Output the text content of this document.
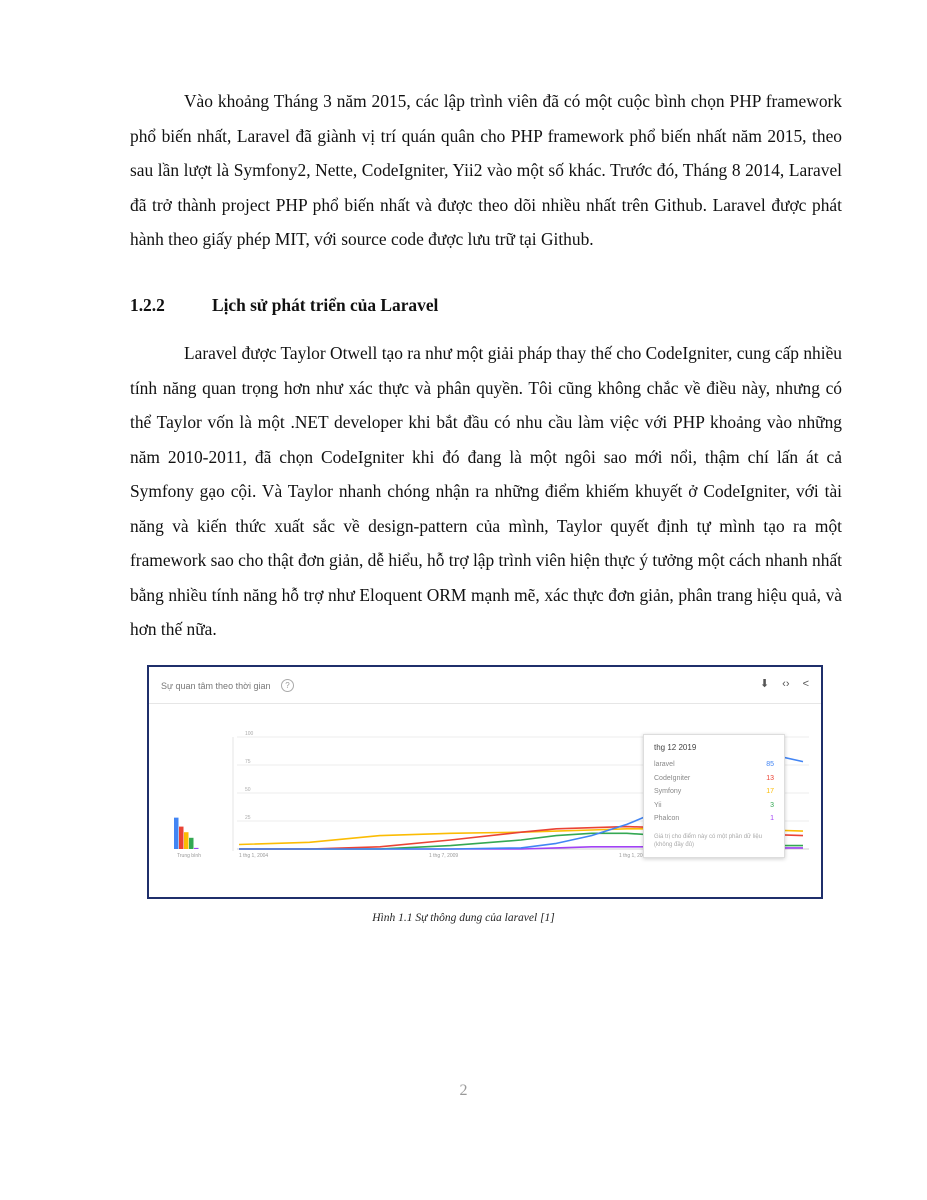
Vào khoảng Tháng 3 năm 2015, các lập trình viên đã có một cuộc bình chọn PHP framework phổ biến nhất, Laravel đã giành vị trí quán quân cho PHP framework phổ biến nhất năm 2015, theo sau lần lượt là Symfony2, Nette, CodeIgniter, Yii2 vào một số khác. Trước đó, Tháng 8 2014, Laravel đã trở thành project PHP phổ biến nhất và được theo dõi nhiều nhất trên Github. Laravel được phát hành theo giấy phép MIT, với source code được lưu trữ tại Github.

1.2.2	Lịch sử phát triển của Laravel

Laravel được Taylor Otwell tạo ra như một giải pháp thay thế cho CodeIgniter, cung cấp nhiều tính năng quan trọng hơn như xác thực và phân quyền. Tôi cũng không chắc về điều này, nhưng có thể Taylor vốn là một .NET developer khi bắt đầu có nhu cầu làm việc với PHP khoảng vào những năm 2010-2011, đã chọn CodeIgniter khi đó đang là một ngôi sao mới nổi, thậm chí lấn át cả Symfony gạo cội. Và Taylor nhanh chóng nhận ra những điểm khiếm khuyết ở CodeIgniter, với tài năng và kiến thức xuất sắc về design-pattern của mình, Taylor quyết định tự mình tạo ra một framework sao cho thật đơn giản, dễ hiểu, hỗ trợ lập trình viên hiện thực ý tưởng một cách nhanh nhất bằng nhiều tính năng hỗ trợ như Eloquent ORM mạnh mẽ, xác thực đơn giản, phân trang hiệu quả, và hơn thế nữa.

Sự quan tâm theo thời gian	?	⬇ ‹› <
100
75
50
25
Trung bình	1 thg 1, 2004	1 thg 7, 2009	1 thg 1, 20
thg 12 2019
laravel	85
CodeIgniter	13
Symfony	17
Yii	3
Phalcon	1
Giá trị cho điểm này có một phần dữ liệu (không đầy đủ)
Hình 1.1 Sự thông dung của laravel [1]
2
